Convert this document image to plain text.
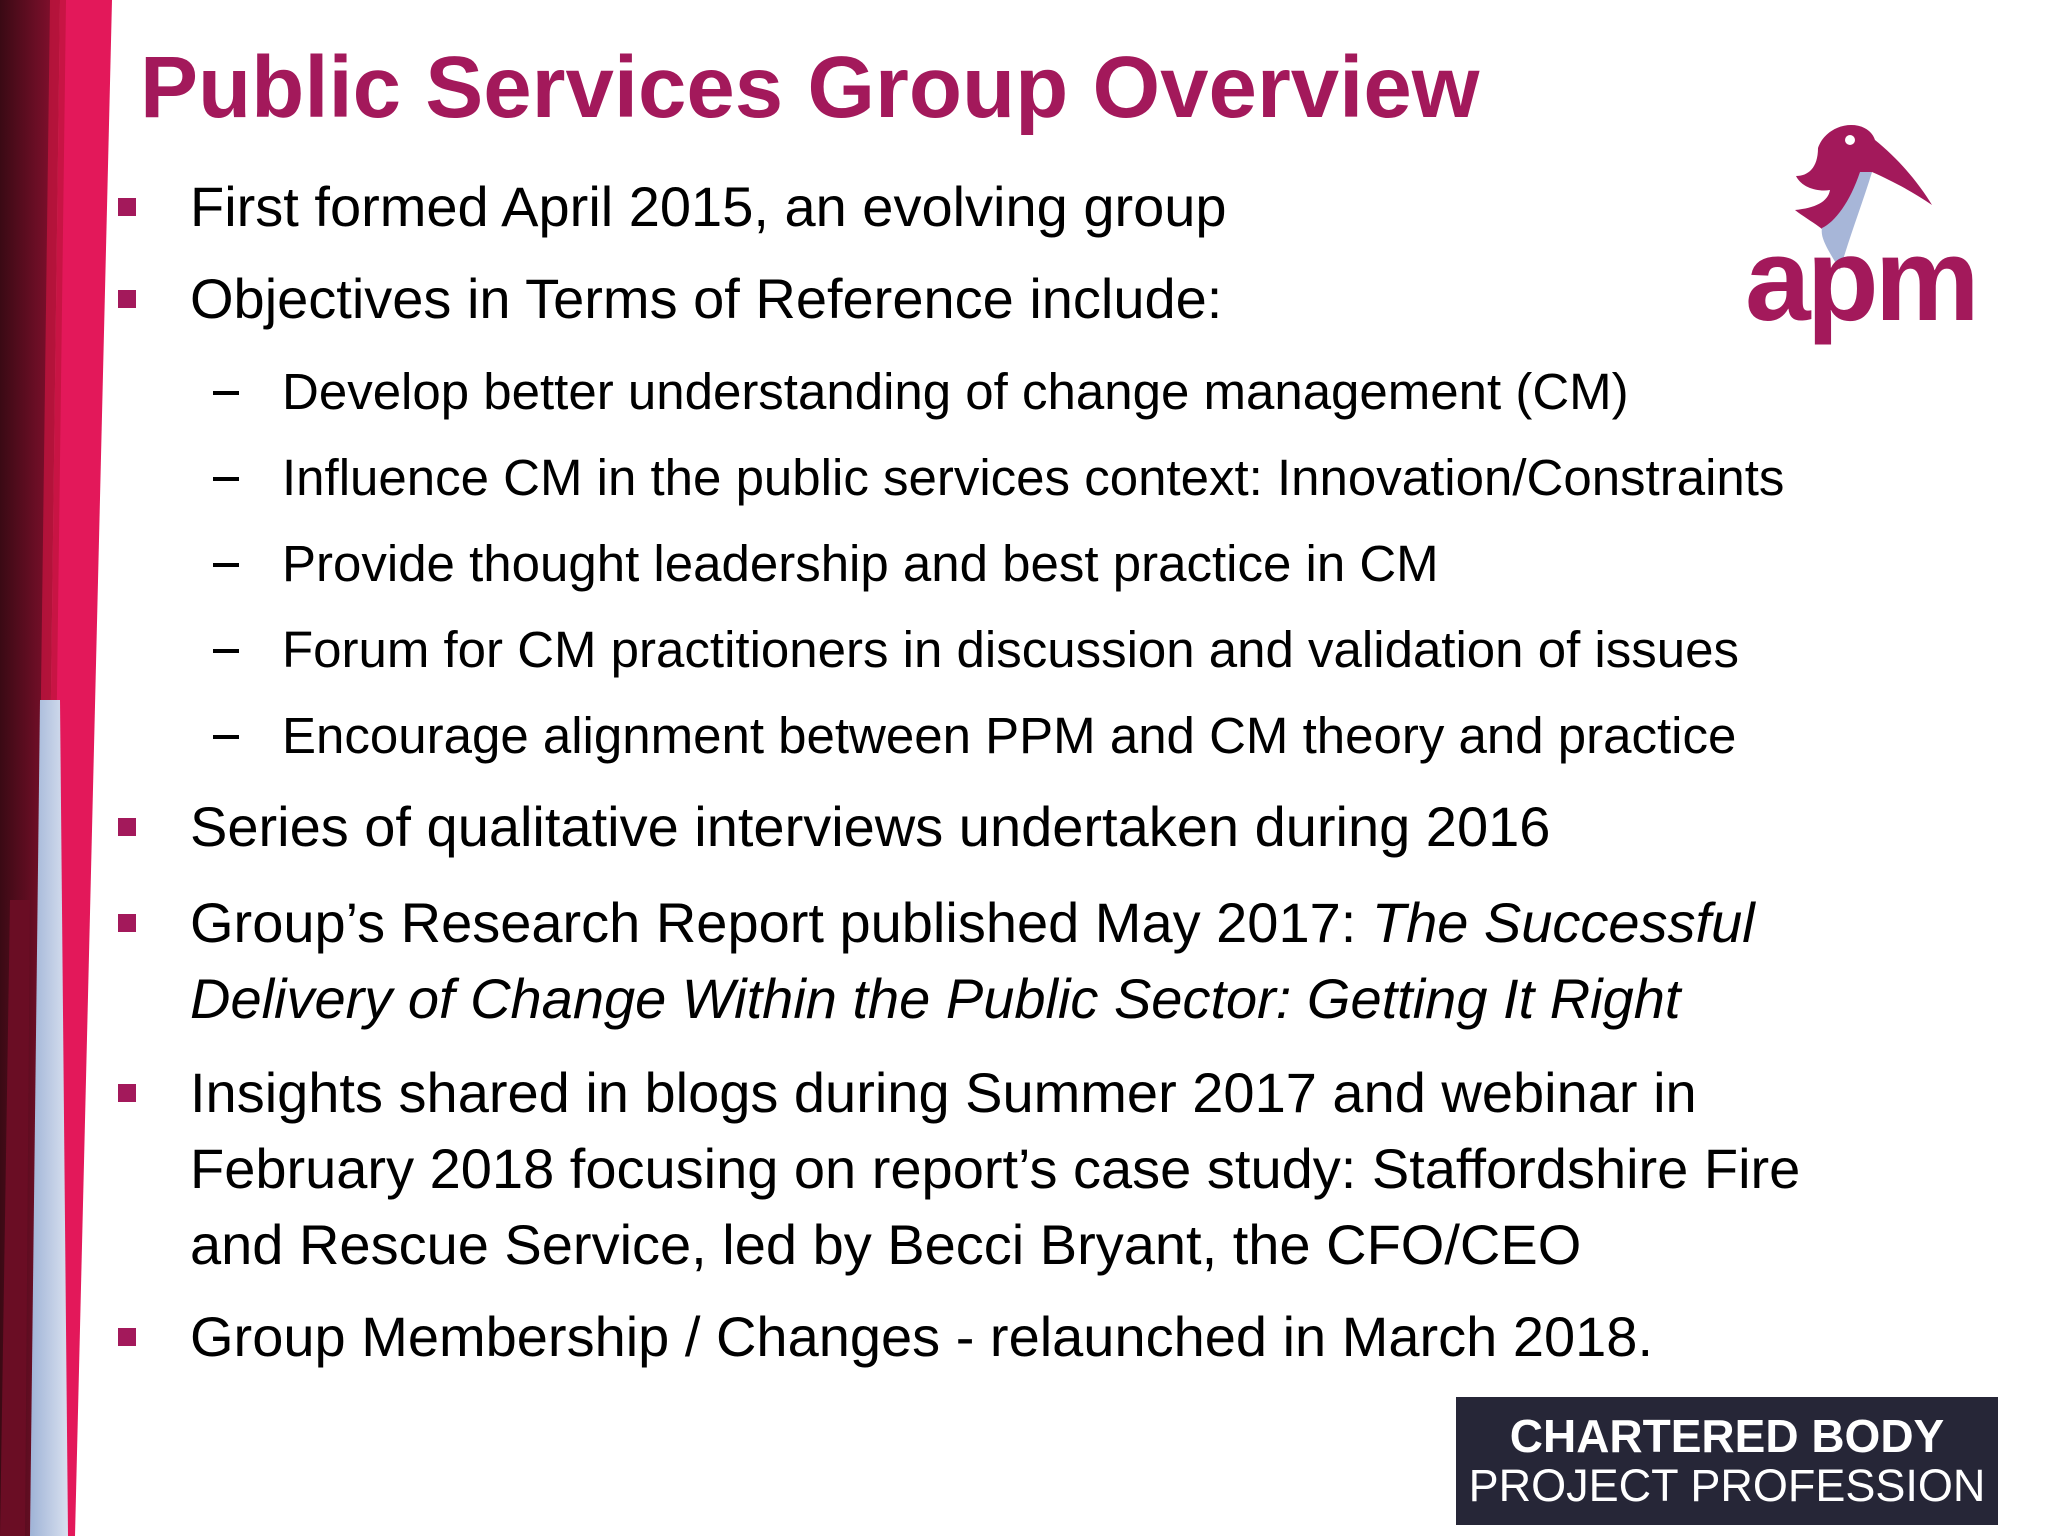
Public Services Group Overview
First formed April 2015, an evolving group
Objectives in Terms of Reference include:
Develop better understanding of change management (CM)
Influence CM in the public services context: Innovation/Constraints
Provide thought leadership and best practice in CM
Forum for CM practitioners in discussion and validation of issues
Encourage alignment between PPM and CM theory and practice
Series of qualitative interviews undertaken during 2016
Group’s Research Report published May 2017: The Successful
Delivery of Change Within the Public Sector: Getting It Right
Insights shared in blogs during Summer 2017 and webinar in
February 2018 focusing on report’s case study: Staffordshire Fire
and Rescue Service, led by Becci Bryant, the CFO/CEO
Group Membership / Changes - relaunched in March 2018.
apm
CHARTERED BODY
PROJECT PROFESSION
